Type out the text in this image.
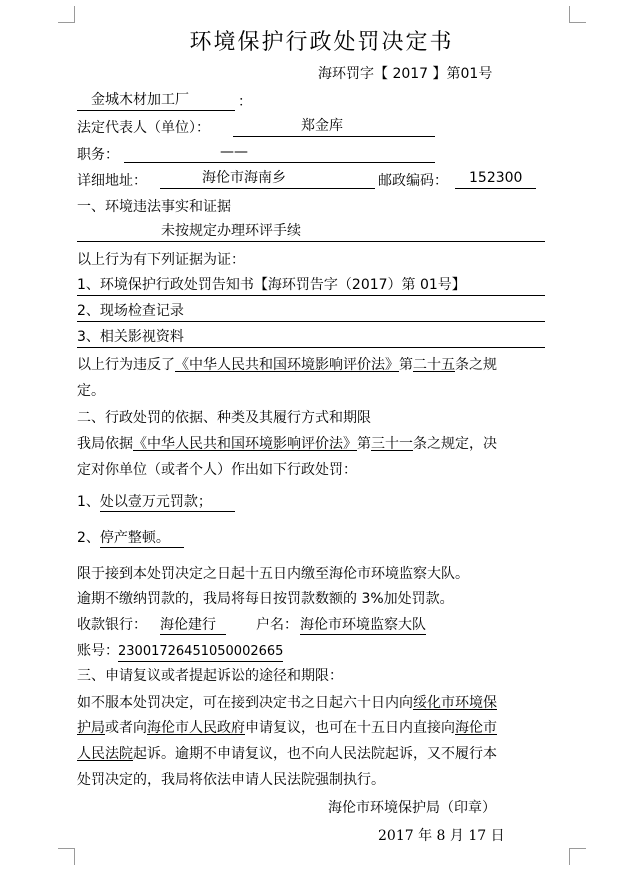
环境保护行政处罚决定书
海环罚字【 2017 】第01号
金城木材加工厂	：
法定代表人（单位）：	郑金库
职务：	——
详细地址：	海伦市海南乡	邮政编码：	152300
一、环境违法事实和证据
未按规定办理环评手续
以上行为有下列证据为证：
1、环境保护行政处罚告知书【海环罚告字（2017）第 01号】
2、现场检查记录
3、相关影视资料
以上行为违反了《中华人民共和国环境影响评价法》第二十五条之规
定。
二、行政处罚的依据、种类及其履行方式和期限
我局依据《中华人民共和国环境影响评价法》第三十一条之规定，决
定对你单位（或者个人）作出如下行政处罚：
1、处以壹万元罚款；
2、停产整顿。
限于接到本处罚决定之日起十五日内缴至海伦市环境监察大队。
逾期不缴纳罚款的，我局将每日按罚款数额的 3%加处罚款。
收款银行： 海伦建行	户名： 海伦市环境监察大队
账号： 23001726451050002665
三、申请复议或者提起诉讼的途径和期限：
如不服本处罚决定，可在接到决定书之日起六十日内向绥化市环境保
护局或者向海伦市人民政府申请复议，也可在十五日内直接向海伦市
人民法院起诉。逾期不申请复议，也不向人民法院起诉，又不履行本
处罚决定的，我局将依法申请人民法院强制执行。
海伦市环境保护局（印章）
2017 年 8 月 17 日
